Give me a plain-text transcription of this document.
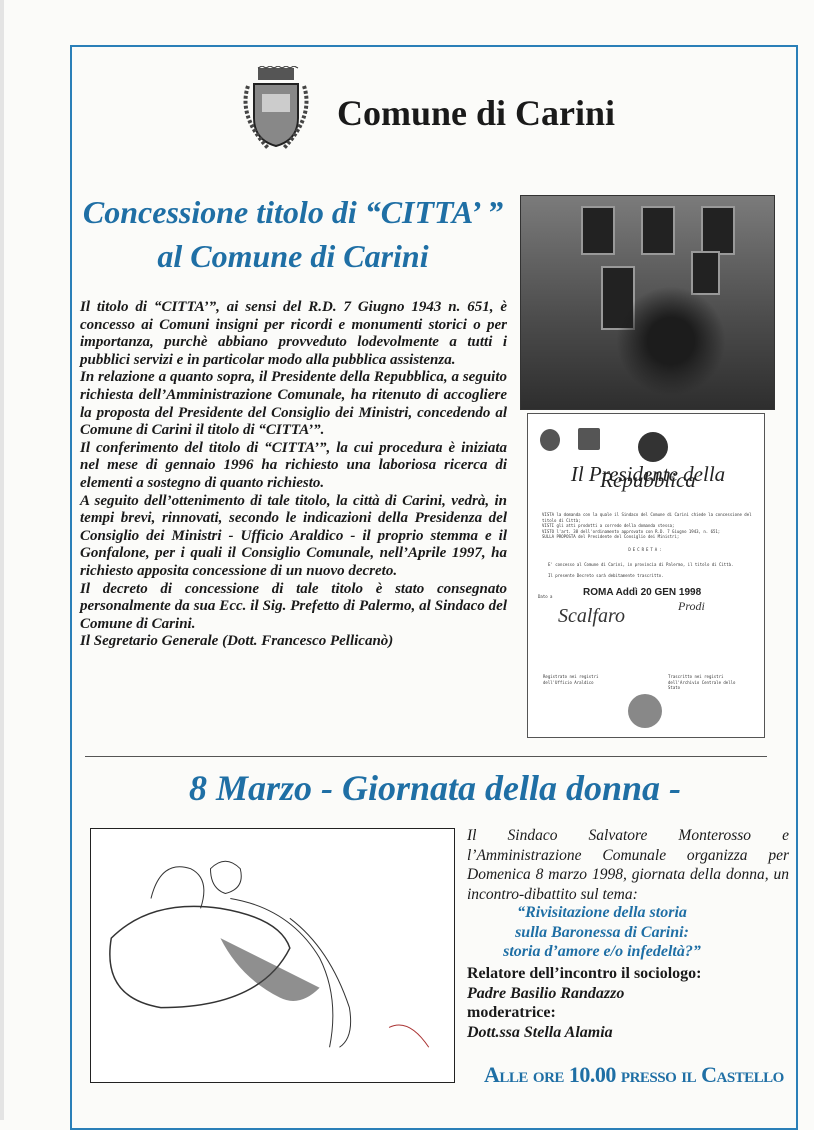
Comune di Carini
Concessione titolo di “CITTA’ ”
al Comune di Carini

Il titolo di “CITTA’”, ai sensi del R.D. 7 Giugno 1943 n. 651, è concesso ai Comuni insigni per ricordi e monumenti storici o per importanza, purchè abbiano provveduto lodevolmente a tutti i pubblici servizi e in particolar modo alla pubblica assistenza.

In relazione a quanto sopra, il Presidente della Repubblica, a seguito richiesta dell’Amministrazione Comunale, ha ritenuto di accogliere la proposta del Presidente del Consiglio dei Ministri, concedendo al Comune di Carini il titolo di “CITTA’”.

Il conferimento del titolo di “CITTA’”, la cui procedura è iniziata nel mese di gennaio 1996 ha richiesto una laboriosa ricerca di elementi a sostegno di quanto richiesto.

A seguito dell’ottenimento di tale titolo, la città di Carini, vedrà, in tempi brevi, rinnovati, secondo le indicazioni della Presidenza del Consiglio dei Ministri - Ufficio Araldico - il proprio stemma e il Gonfalone, per i quali il Consiglio Comunale, nell’Aprile 1997, ha richiesto apposita concessione di un nuovo decreto.

Il decreto di concessione di tale titolo è stato consegnato personalmente da sua Ecc. il Sig. Prefetto di Palermo, al Sindaco del Comune di Carini.

Il Segretario Generale (Dott. Francesco Pellicanò)

Il Presidente della Repubblica
VISTA la domanda con la quale il Sindaco del Comune di Carini chiede la concessione del titolo di Città;
VISTI gli atti prodotti a corredo della domanda stessa;
VISTO l'art. 38 dell'ordinamento approvato con R.D. 7 Giugno 1943, n. 651;
SULLA PROPOSTA del Presidente del Consiglio dei Ministri;
DECRETA:
E' concesso al Comune di Carini, in provincia di Palermo, il titolo di Città.
Il presente Decreto sarà debitamente trascritto.
Dato a	ROMA Addì 20 GEN 1998
Scalfaro	Prodi
Registrato nei registri dell'Ufficio Araldico
Trascritto nei registri dell'Archivio Centrale dello Stato
8 Marzo - Giornata della donna -
Il Sindaco Salvatore Monterosso e l’Amministrazione Comunale organizza per Domenica 8 marzo 1998, giornata della donna, un incontro-dibattito sul tema:
“Rivisitazione della storia
sulla Baronessa di Carini:
storia d’amore e/o infedeltà?”
Relatore dell’incontro il sociologo:
Padre Basilio Randazzo
moderatrice:
Dott.ssa Stella Alamia
Alle ore 10.00 presso il Castello
